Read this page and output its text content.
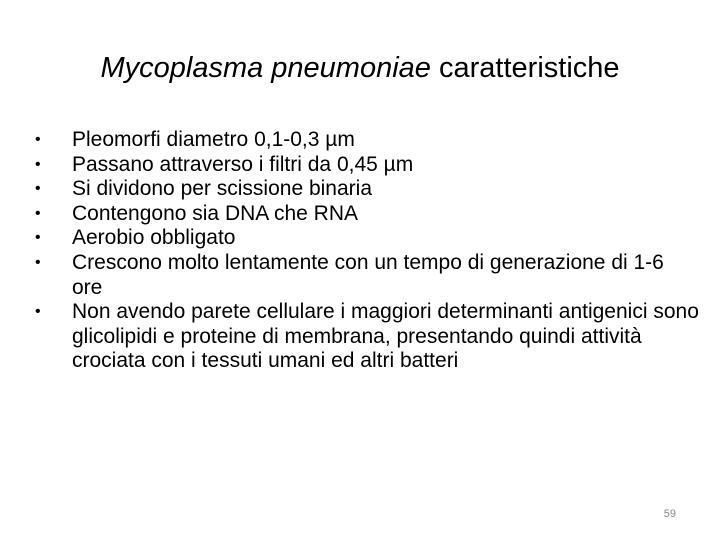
Mycoplasma pneumoniae caratteristiche
• Pleomorfi diametro 0,1-0,3 µm
• Passano attraverso i filtri da 0,45 µm
• Si dividono per scissione binaria
• Contengono sia DNA che RNA
• Aerobio obbligato
• Crescono molto lentamente con un tempo di generazione di 1-6 ore
• Non avendo parete cellulare i maggiori determinanti antigenici sono glicolipidi e proteine di membrana, presentando quindi attività crociata con i tessuti umani ed altri batteri
59
